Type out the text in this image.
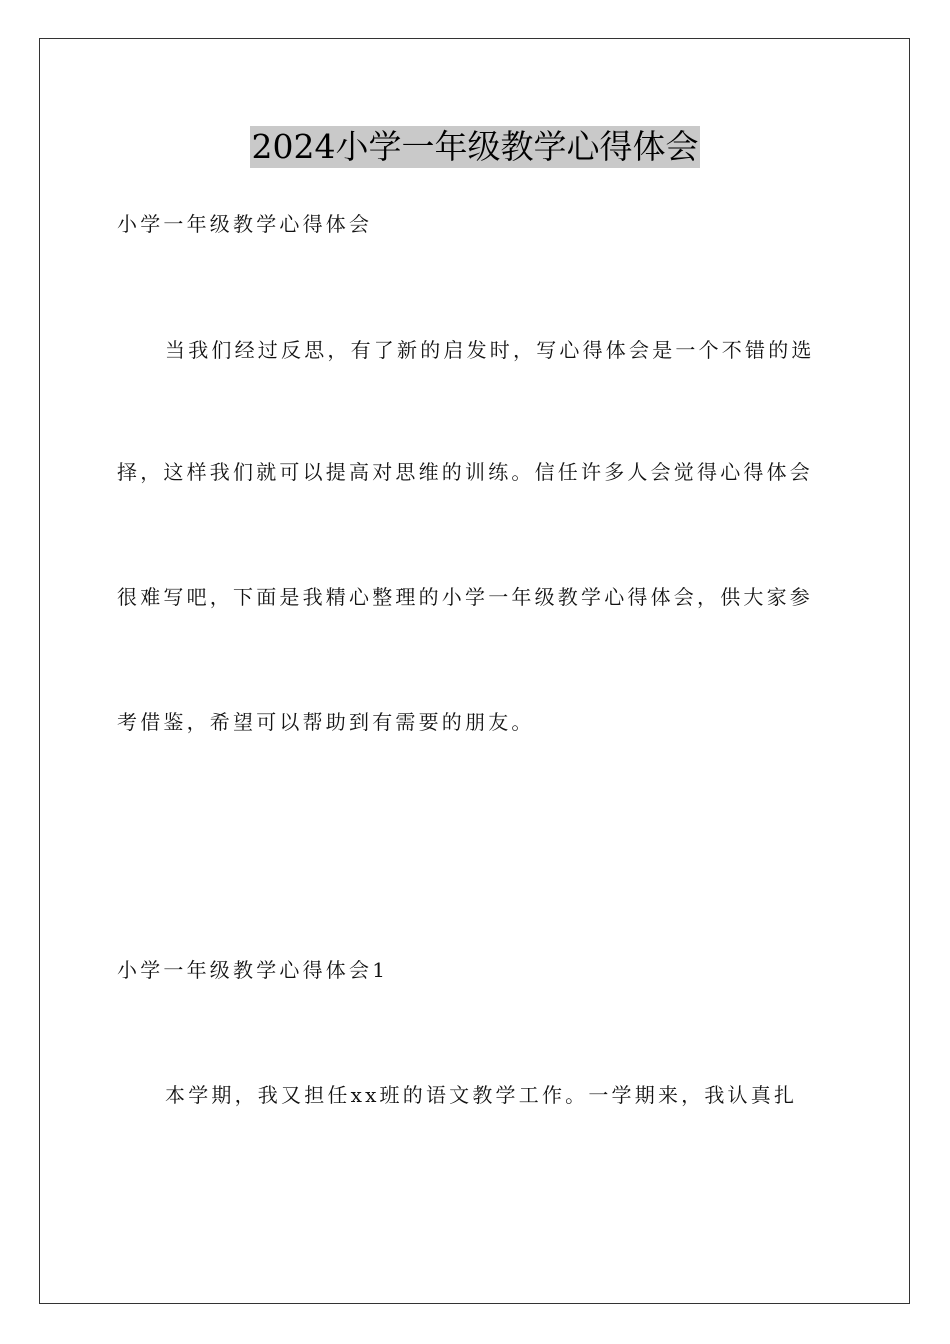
2024小学一年级教学心得体会
小学一年级教学心得体会
当我们经过反思，有了新的启发时，写心得体会是一个不错的选
择，这样我们就可以提高对思维的训练。信任许多人会觉得心得体会
很难写吧，下面是我精心整理的小学一年级教学心得体会，供大家参
考借鉴，希望可以帮助到有需要的朋友。
小学一年级教学心得体会1
本学期，我又担任xx班的语文教学工作。一学期来，我认真扎
